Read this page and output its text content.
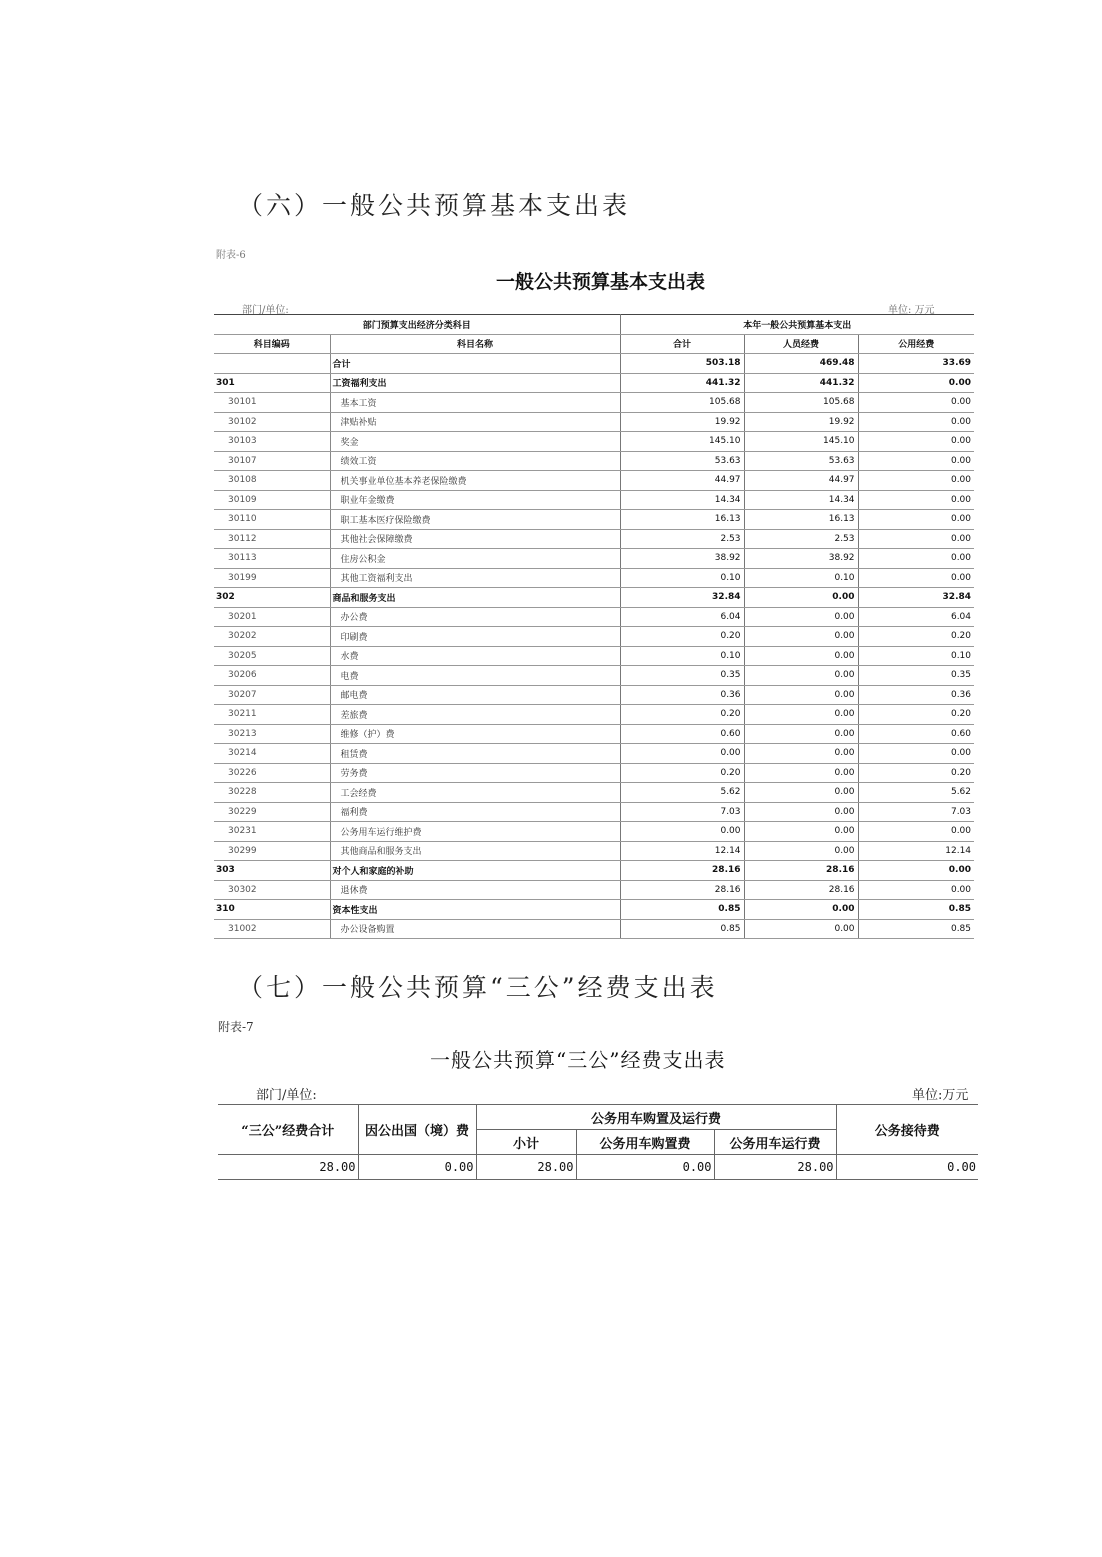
（六）一般公共预算基本支出表
附表-6
一般公共预算基本支出表
部门/单位:	单位: 万元
部门预算支出经济分类科目		本年一般公共预算基本支出		
科目编码	科目名称	合计	人员经费	公用经费
	合计	503.18	469.48	33.69
301	工资福利支出	441.32	441.32	0.00
30101	基本工资	105.68	105.68	0.00
30102	津贴补贴	19.92	19.92	0.00
30103	奖金	145.10	145.10	0.00
30107	绩效工资	53.63	53.63	0.00
30108	机关事业单位基本养老保险缴费	44.97	44.97	0.00
30109	职业年金缴费	14.34	14.34	0.00
30110	职工基本医疗保险缴费	16.13	16.13	0.00
30112	其他社会保障缴费	2.53	2.53	0.00
30113	住房公积金	38.92	38.92	0.00
30199	其他工资福利支出	0.10	0.10	0.00
302	商品和服务支出	32.84	0.00	32.84
30201	办公费	6.04	0.00	6.04
30202	印刷费	0.20	0.00	0.20
30205	水费	0.10	0.00	0.10
30206	电费	0.35	0.00	0.35
30207	邮电费	0.36	0.00	0.36
30211	差旅费	0.20	0.00	0.20
30213	维修（护）费	0.60	0.00	0.60
30214	租赁费	0.00	0.00	0.00
30226	劳务费	0.20	0.00	0.20
30228	工会经费	5.62	0.00	5.62
30229	福利费	7.03	0.00	7.03
30231	公务用车运行维护费	0.00	0.00	0.00
30299	其他商品和服务支出	12.14	0.00	12.14
303	对个人和家庭的补助	28.16	28.16	0.00
30302	退休费	28.16	28.16	0.00
310	资本性支出	0.85	0.00	0.85
31002	办公设备购置	0.85	0.00	0.85
（七）一般公共预算“三公”经费支出表
附表-7
一般公共预算“三公”经费支出表
部门/单位:	单位:万元
“三公”经费合计	因公出国（境）费	公务用车购置及运行费			公务接待费
		小计	公务用车购置费	公务用车运行费	
28.00	0.00	28.00	0.00	28.00	0.00
